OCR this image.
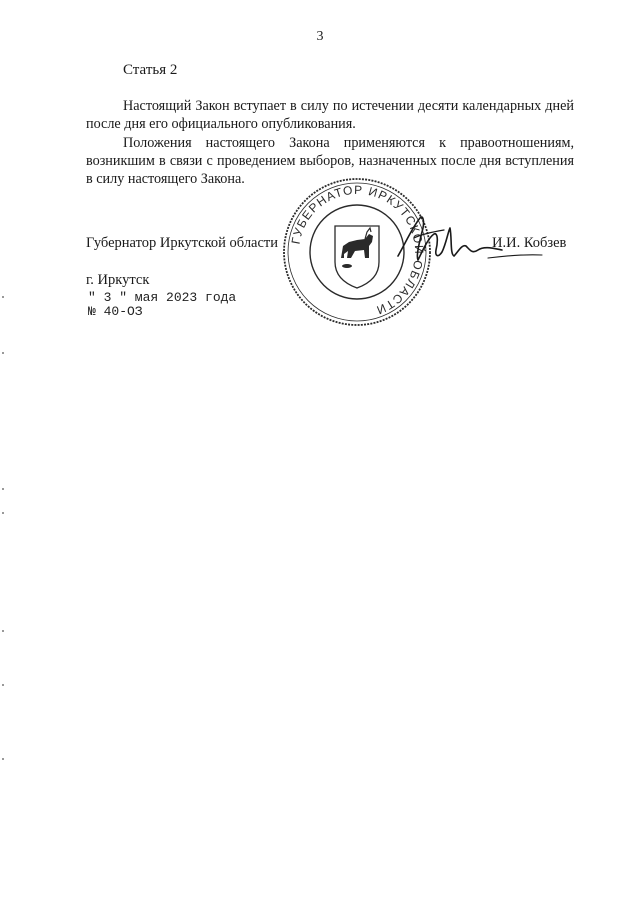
3
Статья 2

Настоящий Закон вступает в силу по истечении десяти календарных дней после дня его официального опубликования.

Положения настоящего Закона применяются к правоотношениям, возникшим в связи с проведением выборов, назначенных после дня вступления в силу настоящего Закона.

Губернатор Иркутской области	И.И. Кобзев
г. Иркутск
" 3 " мая 2023 года
№ 40-ОЗ
ГУБЕРНАТОР ИРКУТСКОЙ ОБЛАСТИ
